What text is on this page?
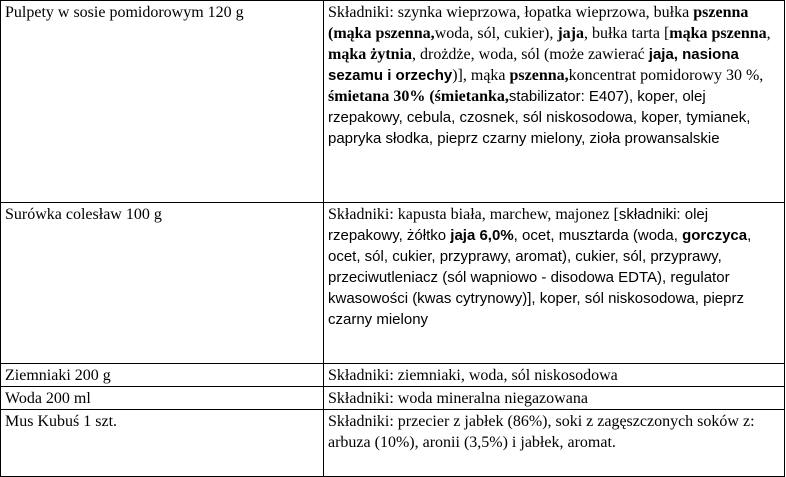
Pulpety w sosie pomidorowym 120 g	Składniki: szynka wieprzowa, łopatka wieprzowa, bułka pszenna (mąka pszenna,woda, sól, cukier), jaja, bułka tarta [mąka pszenna, mąka żytnia, drożdże, woda, sól (może zawierać jaja, nasiona sezamu i orzechy)], mąka pszenna,koncentrat pomidorowy 30 %, śmietana 30% (śmietanka,stabilizator: E407), koper, olej rzepakowy, cebula, czosnek, sól niskosodowa, koper, tymianek, papryka słodka, pieprz czarny mielony, zioła prowansalskie

Surówka colesław 100 g	Składniki: kapusta biała, marchew, majonez [składniki: olej rzepakowy, żółtko jaja 6,0%, ocet, musztarda (woda, gorczyca, ocet, sól, cukier, przyprawy, aromat), cukier, sól, przyprawy, przeciwutleniacz (sól wapniowo - disodowa EDTA), regulator kwasowości (kwas cytrynowy)], koper, sól niskosodowa, pieprz czarny mielony

Ziemniaki 200 g	Składniki: ziemniaki, woda, sól niskosodowa

Woda 200 ml	Składniki: woda mineralna niegazowana

Mus Kubuś 1 szt.	Składniki: przecier z jabłek (86%), soki z zagęszczonych soków z: arbuza (10%), aronii (3,5%) i jabłek, aromat.
